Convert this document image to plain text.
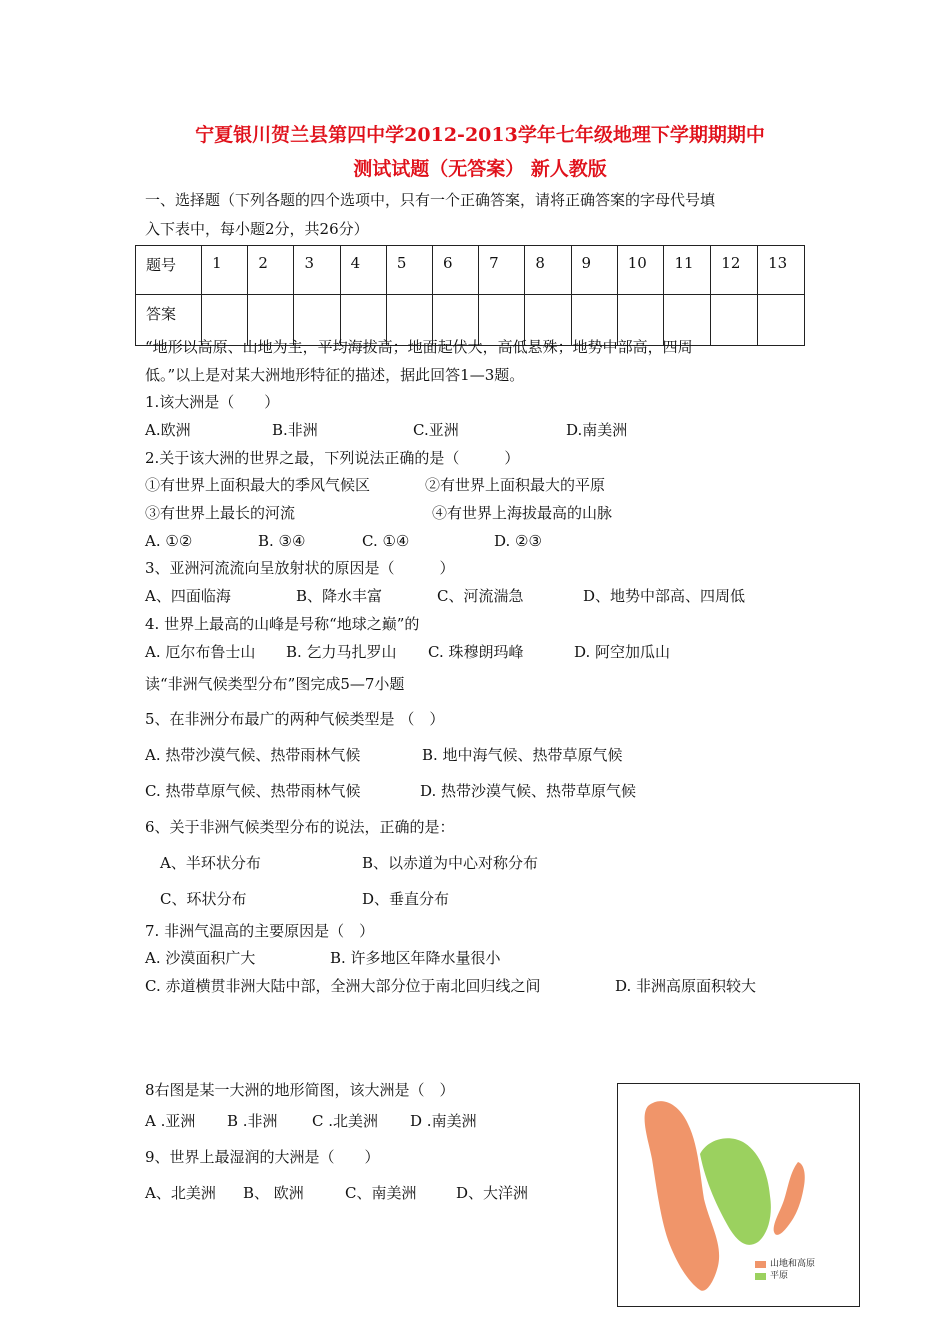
宁夏银川贺兰县第四中学2012-2013学年七年级地理下学期期期中
测试试题（无答案） 新人教版
一、选择题（下列各题的四个选项中，只有一个正确答案，请将正确答案的字母代号填
入下表中，每小题2分，共26分）
题号	1	2	3	4	5	6	7	8	9	10	11	12	13
答案													
“地形以高原、山地为主，平均海拔高；地面起伏大，高低悬殊；地势中部高，四周
低。”以上是对某大洲地形特征的描述，据此回答1—3题。
1.该大洲是（　　）
A.欧洲	B.非洲	C.亚洲	D.南美洲
2.关于该大洲的世界之最，下列说法正确的是（　　　）
①有世界上面积最大的季风气候区	②有世界上面积最大的平原
③有世界上最长的河流	④有世界上海拔最高的山脉
A. ①②	B. ③④	C. ①④	D. ②③
3、亚洲河流流向呈放射状的原因是（　　　）
A、四面临海	B、降水丰富	C、河流湍急	D、地势中部高、四周低
4. 世界上最高的山峰是号称“地球之巅”的
A. 厄尔布鲁士山 B. 乞力马扎罗山 C. 珠穆朗玛峰	D. 阿空加瓜山
读“非洲气候类型分布”图完成5—7小题
5、在非洲分布最广的两种气候类型是 （　）
A. 热带沙漠气候、热带雨林气候	B. 地中海气候、热带草原气候
C. 热带草原气候、热带雨林气候	D. 热带沙漠气候、热带草原气候
6、关于非洲气候类型分布的说法，正确的是：
A、半环状分布	B、以赤道为中心对称分布
C、环状分布	D、垂直分布
7. 非洲气温高的主要原因是（　）
A. 沙漠面积广大	B. 许多地区年降水量很小
C. 赤道横贯非洲大陆中部，全洲大部分位于南北回归线之间	D. 非洲高原面积较大
8右图是某一大洲的地形简图，该大洲是（　）
A .亚洲 B .非洲 C .北美洲 D .南美洲
9、世界上最湿润的大洲是（　　）
A、北美洲 B、 欧洲	C、南美洲	D、大洋洲
山地和高原
平原
